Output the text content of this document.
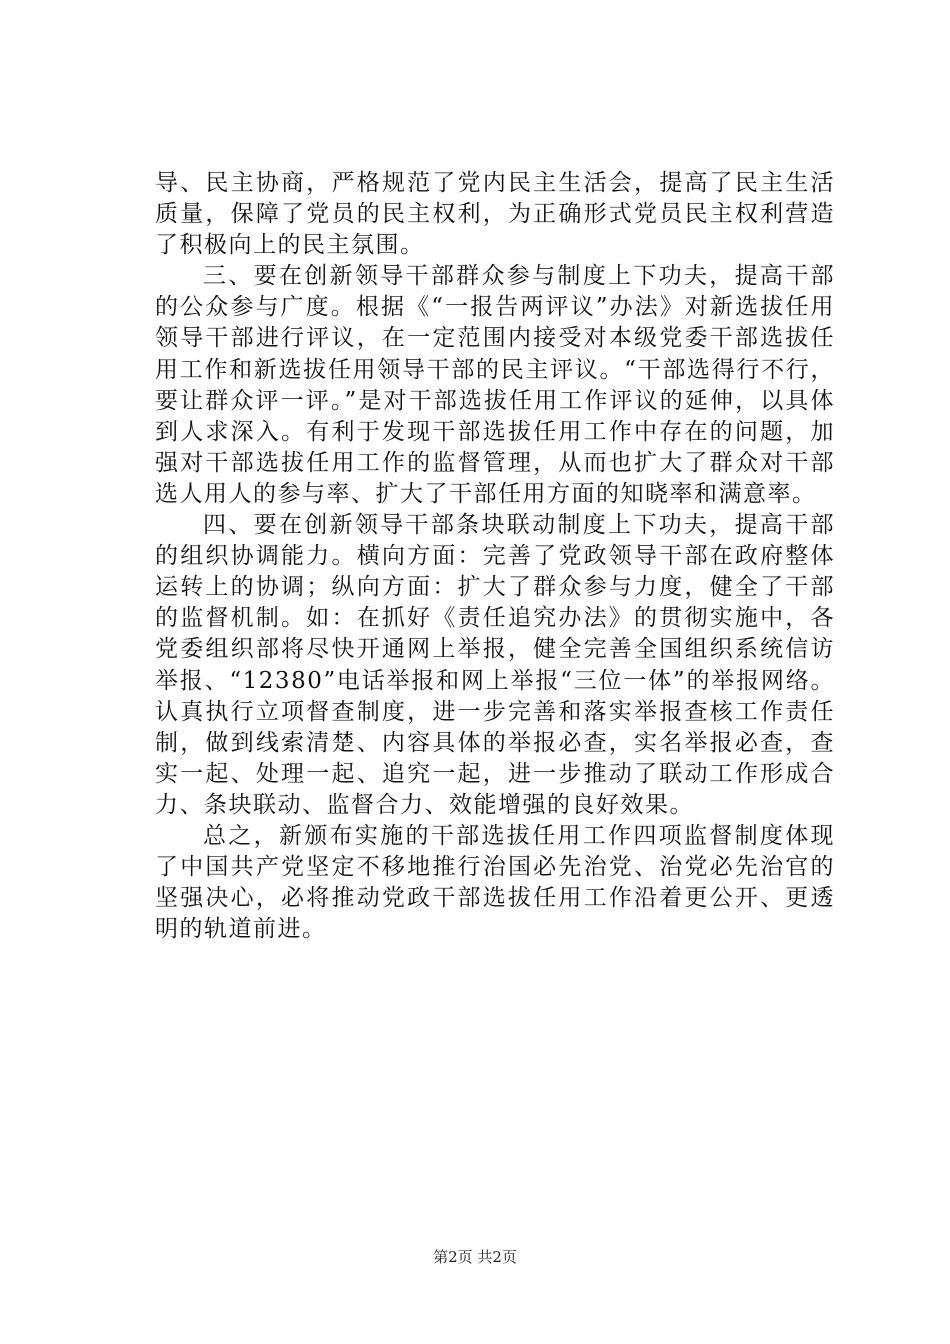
导、民主协商，严格规范了党内民主生活会，提高了民主生活质量，保障了党员的民主权利，为正确形式党员民主权利营造了积极向上的民主氛围。

三、要在创新领导干部群众参与制度上下功夫，提高干部的公众参与广度。根据《“一报告两评议”办法》对新选拔任用领导干部进行评议，在一定范围内接受对本级党委干部选拔任用工作和新选拔任用领导干部的民主评议。“干部选得行不行，要让群众评一评。”是对干部选拔任用工作评议的延伸，以具体到人求深入。有利于发现干部选拔任用工作中存在的问题，加强对干部选拔任用工作的监督管理，从而也扩大了群众对干部选人用人的参与率、扩大了干部任用方面的知晓率和满意率。

四、要在创新领导干部条块联动制度上下功夫，提高干部的组织协调能力。横向方面：完善了党政领导干部在政府整体运转上的协调；纵向方面：扩大了群众参与力度，健全了干部的监督机制。如：在抓好《责任追究办法》的贯彻实施中，各党委组织部将尽快开通网上举报，健全完善全国组织系统信访举报、“12380”电话举报和网上举报“三位一体”的举报网络。认真执行立项督查制度，进一步完善和落实举报查核工作责任制，做到线索清楚、内容具体的举报必查，实名举报必查，查实一起、处理一起、追究一起，进一步推动了联动工作形成合力、条块联动、监督合力、效能增强的良好效果。

总之，新颁布实施的干部选拔任用工作四项监督制度体现了中国共产党坚定不移地推行治国必先治党、治党必先治官的坚强决心，必将推动党政干部选拔任用工作沿着更公开、更透明的轨道前进。

第2页 共2页
